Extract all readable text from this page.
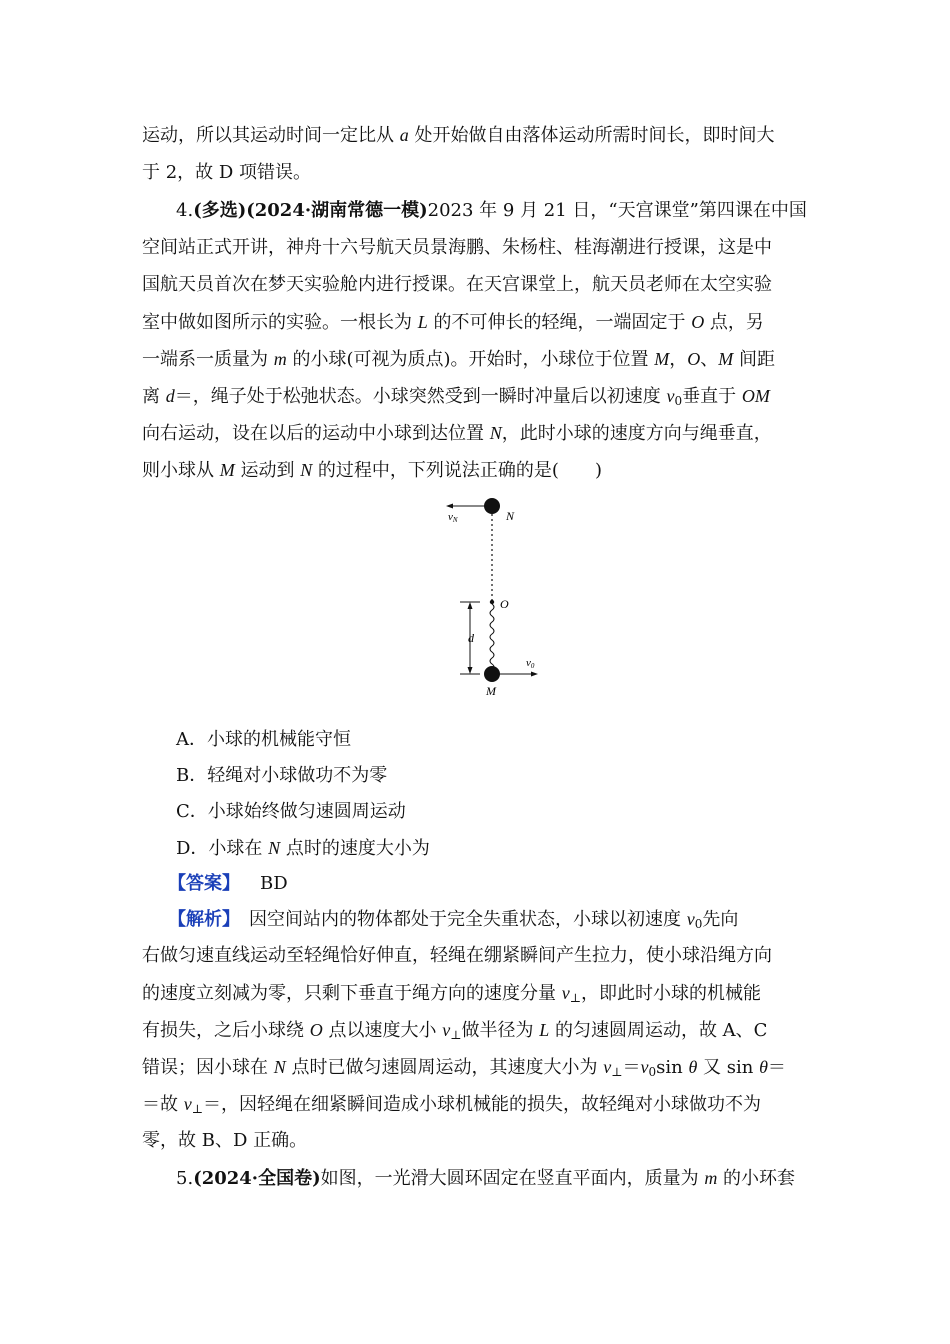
运动，所以其运动时间一定比从 a 处开始做自由落体运动所需时间长，即时间大
于 2，故 D 项错误。
4.(多选)(2024·湖南常德一模)2023 年 9 月 21 日，“天宫课堂”第四课在中国
空间站正式开讲，神舟十六号航天员景海鹏、朱杨柱、桂海潮进行授课，这是中
国航天员首次在梦天实验舱内进行授课。在天宫课堂上，航天员老师在太空实验
室中做如图所示的实验。一根长为 L 的不可伸长的轻绳，一端固定于 O 点，另
一端系一质量为 m 的小球(可视为质点)。开始时，小球位于位置 M，O、M 间距
离 d＝，绳子处于松弛状态。小球突然受到一瞬时冲量后以初速度 $v_0$垂直于 OM
向右运动，设在以后的运动中小球到达位置 N，此时小球的速度方向与绳垂直，
则小球从 M 运动到 N 的过程中，下列说法正确的是(　　)
vN	N
O
d
v0
M
A．小球的机械能守恒
B．轻绳对小球做功不为零
C．小球始终做匀速圆周运动
D．小球在 N 点时的速度大小为
【答案】 BD
【解析】　因空间站内的物体都处于完全失重状态，小球以初速度 $v_0$先向
右做匀速直线运动至轻绳恰好伸直，轻绳在绷紧瞬间产生拉力，使小球沿绳方向
的速度立刻减为零，只剩下垂直于绳方向的速度分量 $v_\perp$，即此时小球的机械能
有损失，之后小球绕 O 点以速度大小 $v_\perp$做半径为 L 的匀速圆周运动，故 A、C
错误；因小球在 N 点时已做匀速圆周运动，其速度大小为 $v_\perp=v_0\sin$ θ 又 sin θ＝
＝故 $v_\perp=$，因轻绳在细紧瞬间造成小球机械能的损失，故轻绳对小球做功不为
零，故 B、D 正确。
5.(2024·全国卷)如图，一光滑大圆环固定在竖直平面内，质量为 m 的小环套
